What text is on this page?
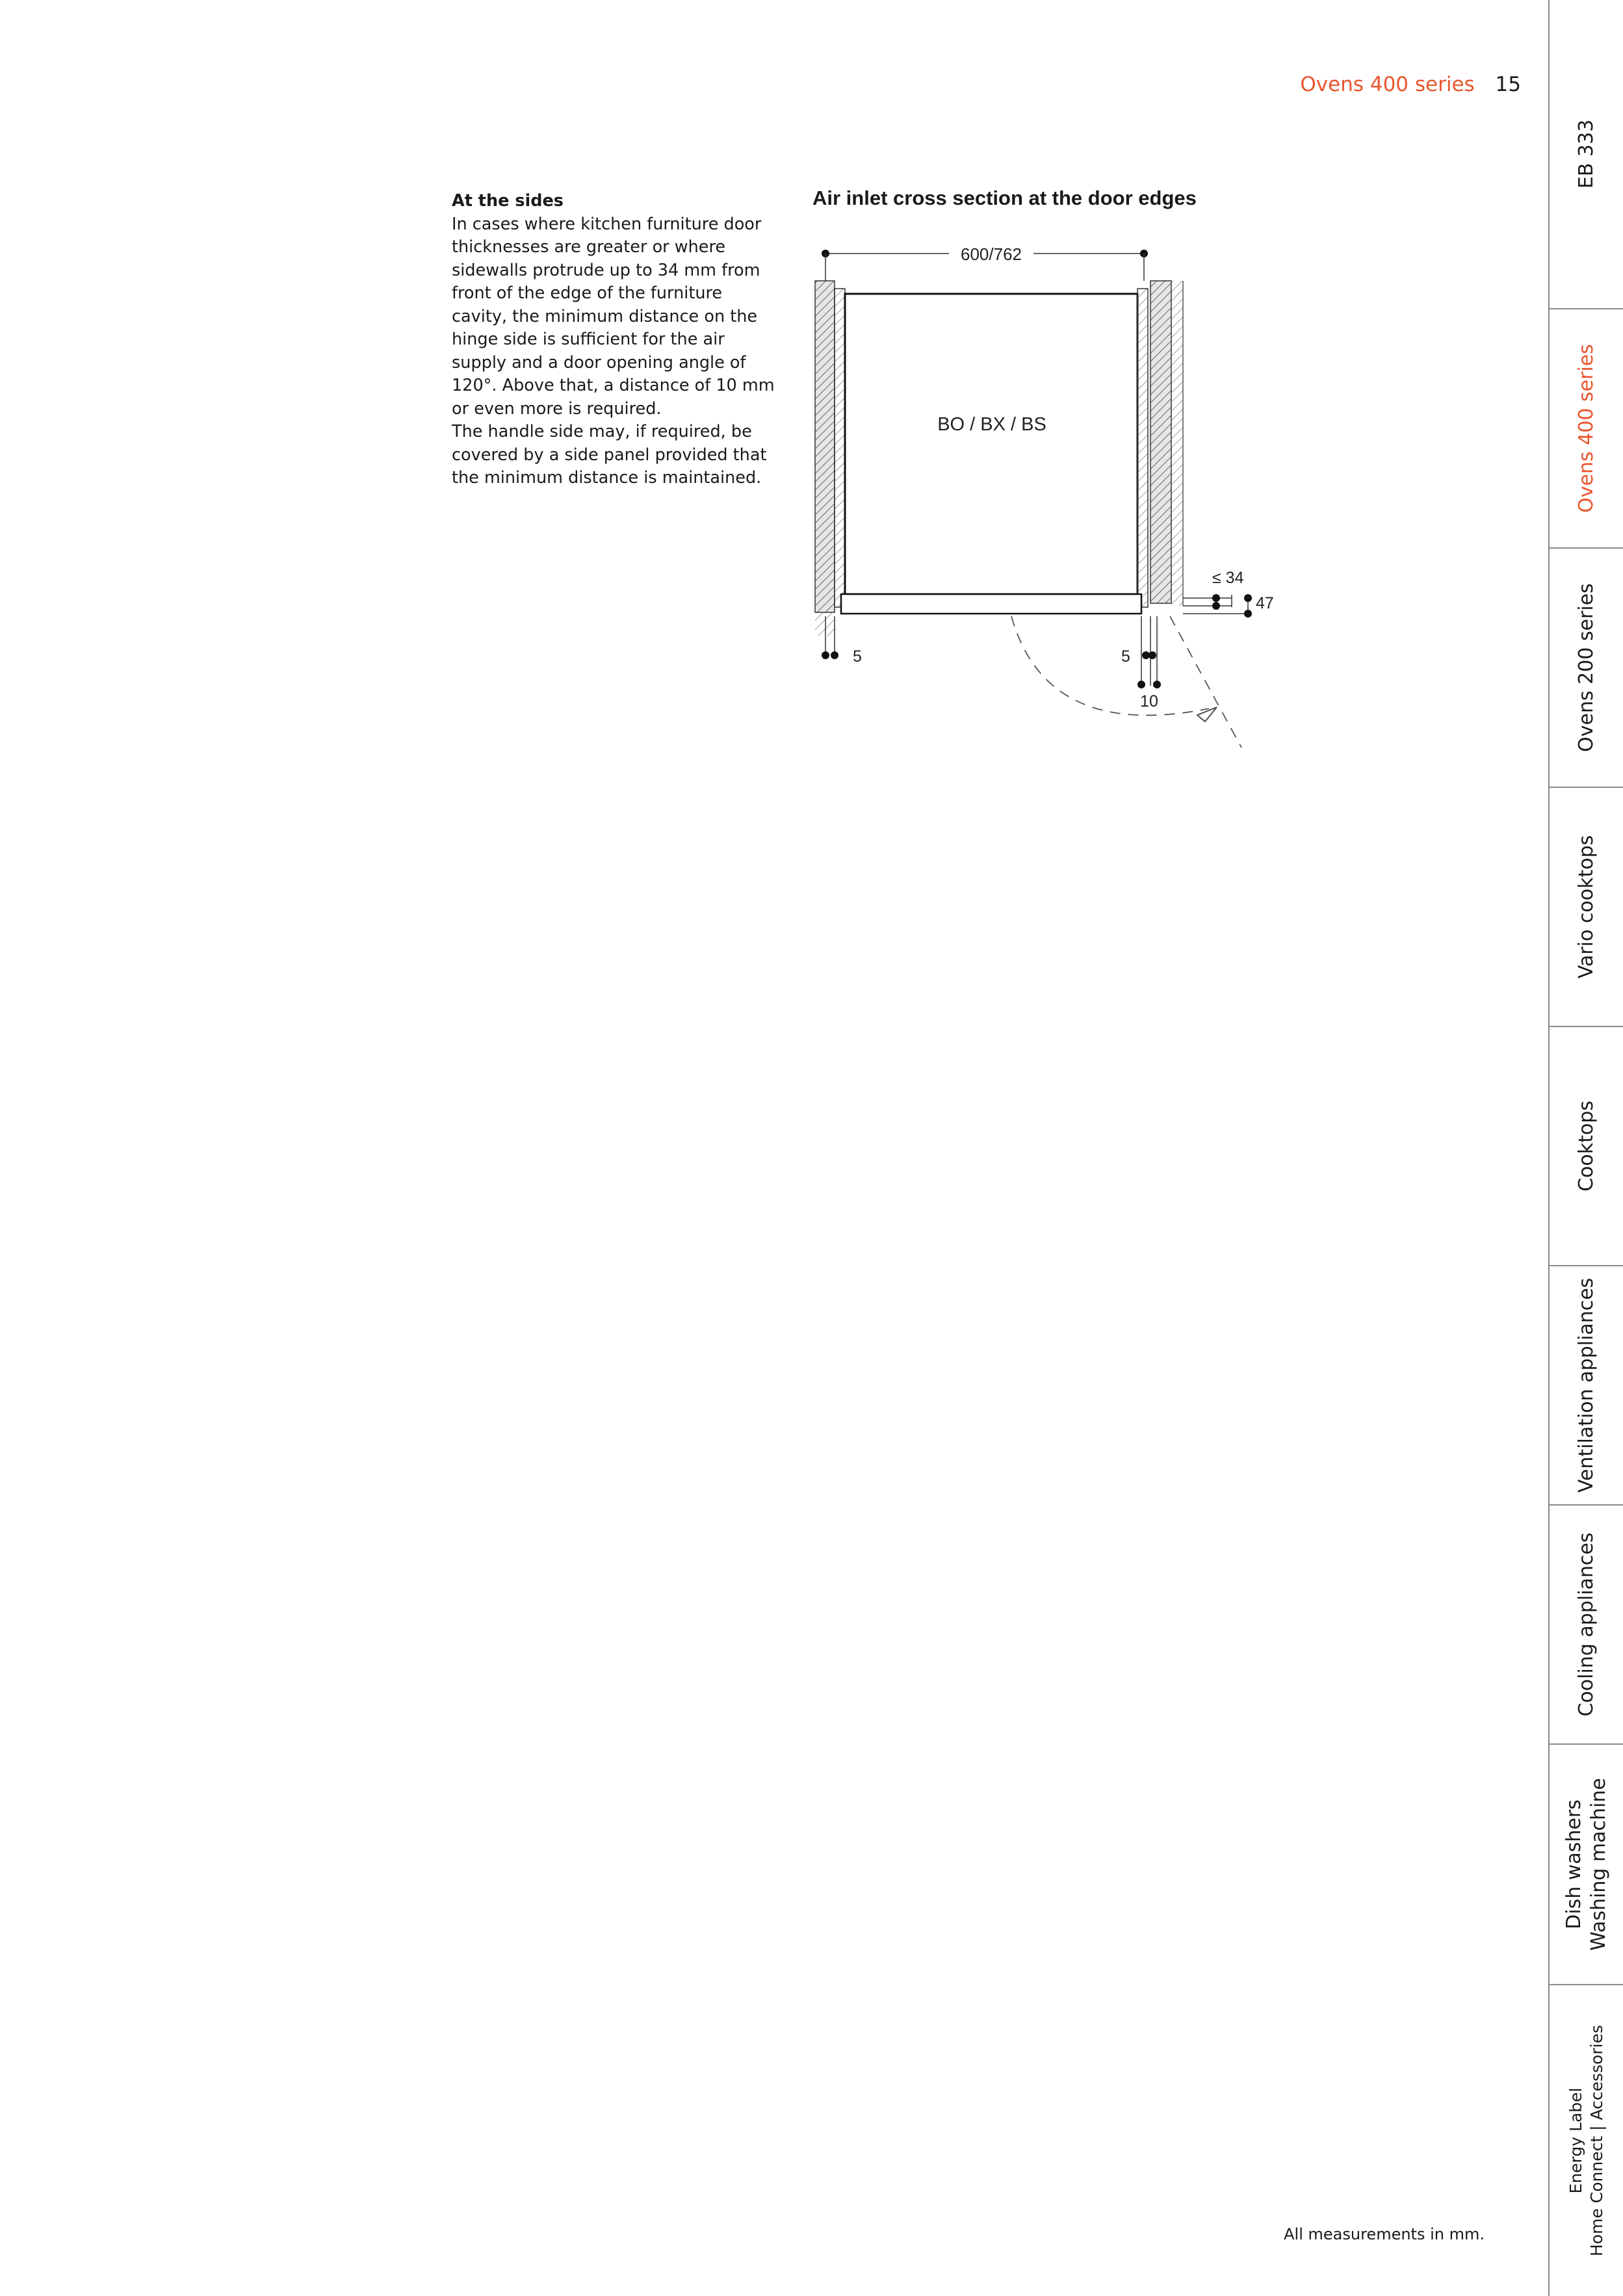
Ovens 400 series 15
At the sides

In cases where kitchen furniture door thicknesses are greater or where sidewalls protrude up to 34 mm from front of the edge of the furniture cavity, the minimum distance on the hinge side is sufficient for the air supply and a door opening angle of 120°. Above that, a distance of 10 mm or even more is required.

The handle side may, if required, be covered by a side panel provided that the minimum distance is maintained.

Air inlet cross section at the door edges
600/762
BO / BX / BS
≤ 34
47
5	5
10
All measurements in mm.
EB 333
Ovens 400 series
Ovens 200 series
Vario cooktops
Cooktops
Ventilation appliances
Cooling appliances
Dish washers
Washing machine
Energy Label
Home Connect | Accessories
